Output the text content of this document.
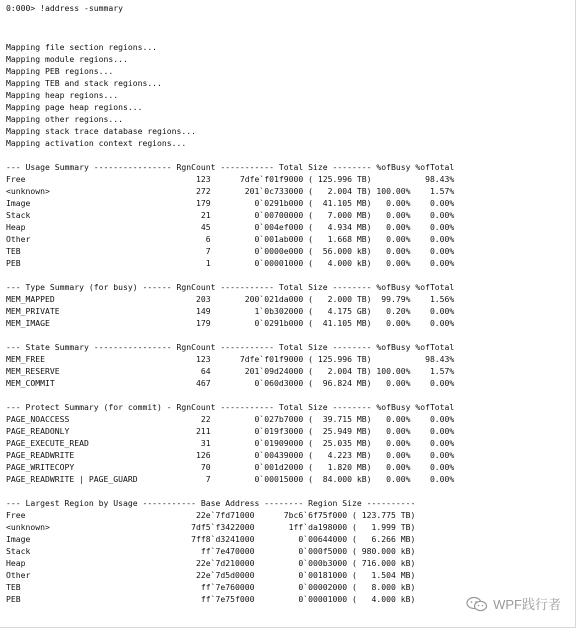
0:000> !address -summary
Mapping file section regions...
Mapping module regions...
Mapping PEB regions...
Mapping TEB and stack regions...
Mapping heap regions...
Mapping page heap regions...
Mapping other regions...
Mapping stack trace database regions...
Mapping activation context regions...
--- Usage Summary ---------------- RgnCount ----------- Total Size -------- %ofBusy %ofTotal
Free                                   123      7dfe`f01f9000 ( 125.996 TB)           98.43%
<unknown>                              272       201`0c733000 (   2.004 TB) 100.00%    1.57%
Image                                  179         0`0291b000 (  41.105 MB)   0.00%    0.00%
Stack                                   21         0`00700000 (   7.000 MB)   0.00%    0.00%
Heap                                    45         0`004ef000 (   4.934 MB)   0.00%    0.00%
Other                                    6         0`001ab000 (   1.668 MB)   0.00%    0.00%
TEB                                      7         0`0000e000 (  56.000 kB)   0.00%    0.00%
PEB                                      1         0`00001000 (   4.000 kB)   0.00%    0.00%
--- Type Summary (for busy) ------ RgnCount ----------- Total Size -------- %ofBusy %ofTotal
MEM_MAPPED                             203       200`021da000 (   2.000 TB)  99.79%    1.56%
MEM_PRIVATE                            149         1`0b302000 (   4.175 GB)   0.20%    0.00%
MEM_IMAGE                              179         0`0291b000 (  41.105 MB)   0.00%    0.00%
--- State Summary ---------------- RgnCount ----------- Total Size -------- %ofBusy %ofTotal
MEM_FREE                               123      7dfe`f01f9000 ( 125.996 TB)           98.43%
MEM_RESERVE                             64       201`09d24000 (   2.004 TB) 100.00%    1.57%
MEM_COMMIT                             467         0`060d3000 (  96.824 MB)   0.00%    0.00%
--- Protect Summary (for commit) - RgnCount ----------- Total Size -------- %ofBusy %ofTotal
PAGE_NOACCESS                           22         0`027b7000 (  39.715 MB)   0.00%    0.00%
PAGE_READONLY                          211         0`019f3000 (  25.949 MB)   0.00%    0.00%
PAGE_EXECUTE_READ                       31         0`01909000 (  25.035 MB)   0.00%    0.00%
PAGE_READWRITE                         126         0`00439000 (   4.223 MB)   0.00%    0.00%
PAGE_WRITECOPY                          70         0`001d2000 (   1.820 MB)   0.00%    0.00%
PAGE_READWRITE | PAGE_GUARD              7         0`00015000 (  84.000 kB)   0.00%    0.00%
--- Largest Region by Usage ----------- Base Address -------- Region Size ----------
Free                                   22e`7fd71000      7bc6`6f75f000 ( 123.775 TB)
<unknown>                             7df5`f3422000       1ff`da198000 (   1.999 TB)
Image                                 7ff8`d3241000         0`00644000 (   6.266 MB)
Stack                                   ff`7e470000         0`000f5000 ( 980.000 kB)
Heap                                   22e`7d210000         0`000b3000 ( 716.000 kB)
Other                                  22e`7d5d0000         0`00181000 (   1.504 MB)
TEB                                     ff`7e760000         0`00002000 (   8.000 kB)
PEB                                     ff`7e75f000         0`00001000 (   4.000 kB)	WPF践行者
